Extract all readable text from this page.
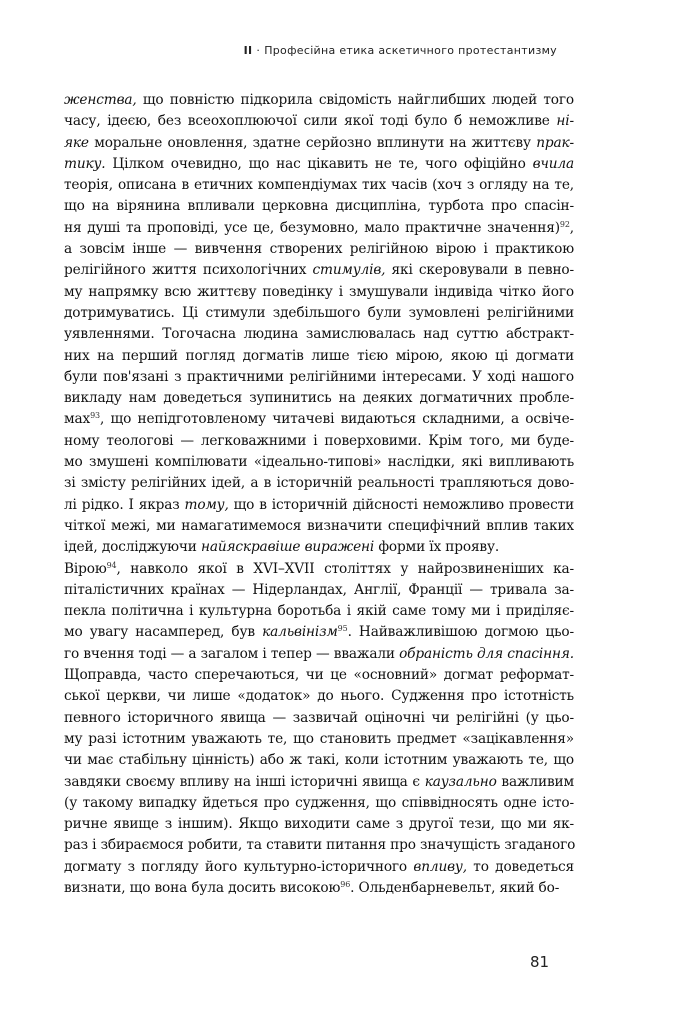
II · Професійна етика аскетичного протестантизму
женства, що повністю підкорила свідомість найглибших людей того
часу, ідеєю, без всеохоплюючої сили якої тоді було б неможливе ні-
яке моральне оновлення, здатне серйозно вплинути на життєву прак-
тику. Цілком очевидно, що нас цікавить не те, чого офіційно вчила
теорія, описана в етичних компендіумах тих часів (хоч з огляду на те,
що на вірянина впливали церковна дисципліна, турбота про спасін-
ня душі та проповіді, усе це, безумовно, мало практичне значення)$^{92}$,
а зовсім інше — вивчення створених релігійною вірою і практикою
релігійного життя психологічних стимулів, які скеровували в певно-
му напрямку всю життєву поведінку і змушували індивіда чітко його
дотримуватись. Ці стимули здебільшого були зумовлені релігійними
уявленнями. Тогочасна людина замислювалась над суттю абстракт-
них на перший погляд догматів лише тією мірою, якою ці догмати
були пов'язані з практичними релігійними інтересами. У ході нашого
викладу нам доведеться зупинитись на деяких догматичних пробле-
мах$^{93}$, що непідготовленому читачеві видаються складними, а освіче-
ному теологові — легковажними і поверховими. Крім того, ми буде-
мо змушені компілювати «ідеально-типові» наслідки, які випливають
зі змісту релігійних ідей, а в історичній реальності трапляються дово-
лі рідко. І якраз тому, що в історичній дійсності неможливо провести
чіткої межі, ми намагатимемося визначити специфічний вплив таких
ідей, досліджуючи найяскравіше виражені форми їх прояву.
Вірою$^{94}$, навколо якої в XVI–XVII століттях у найрозвиненіших ка-
піталістичних країнах — Нідерландах, Англії, Франції — тривала за-
пекла політична і культурна боротьба і якій саме тому ми і приділяє-
мо увагу насамперед, був кальвінізм$^{95}$. Найважливішою догмою цьо-
го вчення тоді — а загалом і тепер — вважали обраність для спасіння.
Щоправда, часто сперечаються, чи це «основний» догмат реформат-
ської церкви, чи лише «додаток» до нього. Судження про істотність
певного історичного явища — зазвичай оціночні чи релігійні (у цьо-
му разі істотним уважають те, що становить предмет «зацікавлення»
чи має стабільну цінність) або ж такі, коли істотним уважають те, що
завдяки своєму впливу на інші історичні явища є каузально важливим
(у такому випадку йдеться про судження, що співвідносять одне істо-
ричне явище з іншим). Якщо виходити саме з другої тези, що ми як-
раз і збираємося робити, та ставити питання про значущість згаданого
догмату з погляду його культурно-історичного впливу, то доведеться
визнати, що вона була досить високою$^{96}$. Ольденбарневельт, який бо-
81
